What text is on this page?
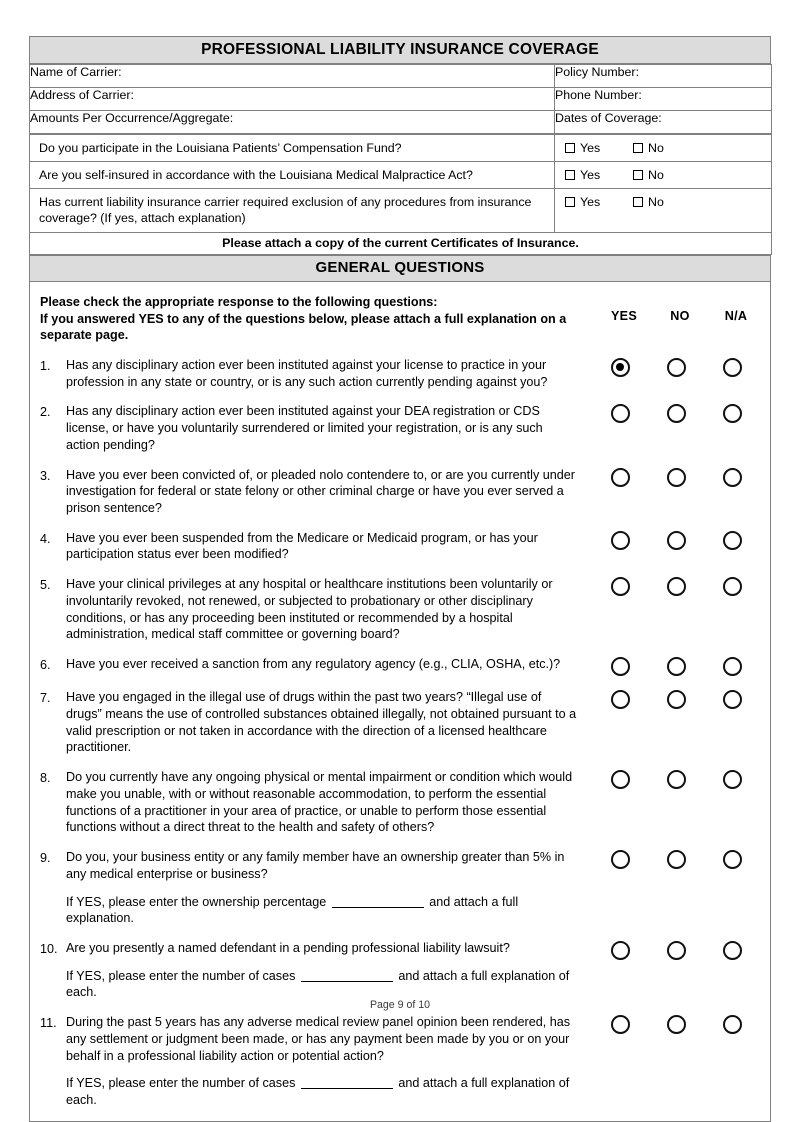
PROFESSIONAL LIABILITY INSURANCE COVERAGE
Name of Carrier:	Policy Number:
Address of Carrier:	Phone Number:
Amounts Per Occurrence/Aggregate:	Dates of Coverage:
Do you participate in the Louisiana Patients’ Compensation Fund?	Yes No
Are you self-insured in accordance with the Louisiana Medical Malpractice Act?	Yes No
Has current liability insurance carrier required exclusion of any procedures from insurance coverage? (If yes, attach explanation)	Yes No
Please attach a copy of the current Certificates of Insurance.	
GENERAL QUESTIONS
Please check the appropriate response to the following questions:
If you answered YES to any of the questions below, please attach a full explanation on a separate page.
YES	NO	N/A
1.	Has any disciplinary action ever been instituted against your license to practice in your profession in any state or country, or is any such action currently pending against you?
2.	Has any disciplinary action ever been instituted against your DEA registration or CDS license, or have you voluntarily surrendered or limited your registration, or is any such action pending?
3.	Have you ever been convicted of, or pleaded nolo contendere to, or are you currently under investigation for federal or state felony or other criminal charge or have you ever served a prison sentence?
4.	Have you ever been suspended from the Medicare or Medicaid program, or has your participation status ever been modified?
5.	Have your clinical privileges at any hospital or healthcare institutions been voluntarily or involuntarily revoked, not renewed, or subjected to probationary or other disciplinary conditions, or has any proceeding been instituted or recommended by a hospital administration, medical staff committee or governing board?
6.	Have you ever received a sanction from any regulatory agency (e.g., CLIA, OSHA, etc.)?
7.	Have you engaged in the illegal use of drugs within the past two years? “Illegal use of drugs” means the use of controlled substances obtained illegally, not obtained pursuant to a valid prescription or not taken in accordance with the direction of a licensed healthcare practitioner.
8.	Do you currently have any ongoing physical or mental impairment or condition which would make you unable, with or without reasonable accommodation, to perform the essential functions of a practitioner in your area of practice, or unable to perform those essential functions without a direct threat to the health and safety of others?
9.	Do you, your business entity or any family member have an ownership greater than 5% in any medical enterprise or business?
If YES, please enter the ownership percentage	and attach a full explanation.
10. Are you presently a named defendant in a pending professional liability lawsuit?
If YES, please enter the number of cases	and attach a full explanation of each.
11. During the past 5 years has any adverse medical review panel opinion been rendered, has any settlement or judgment been made, or has any payment been made by you or on your behalf in a professional liability action or potential action?
If YES, please enter the number of cases	and attach a full explanation of each.
Page 9 of 10
